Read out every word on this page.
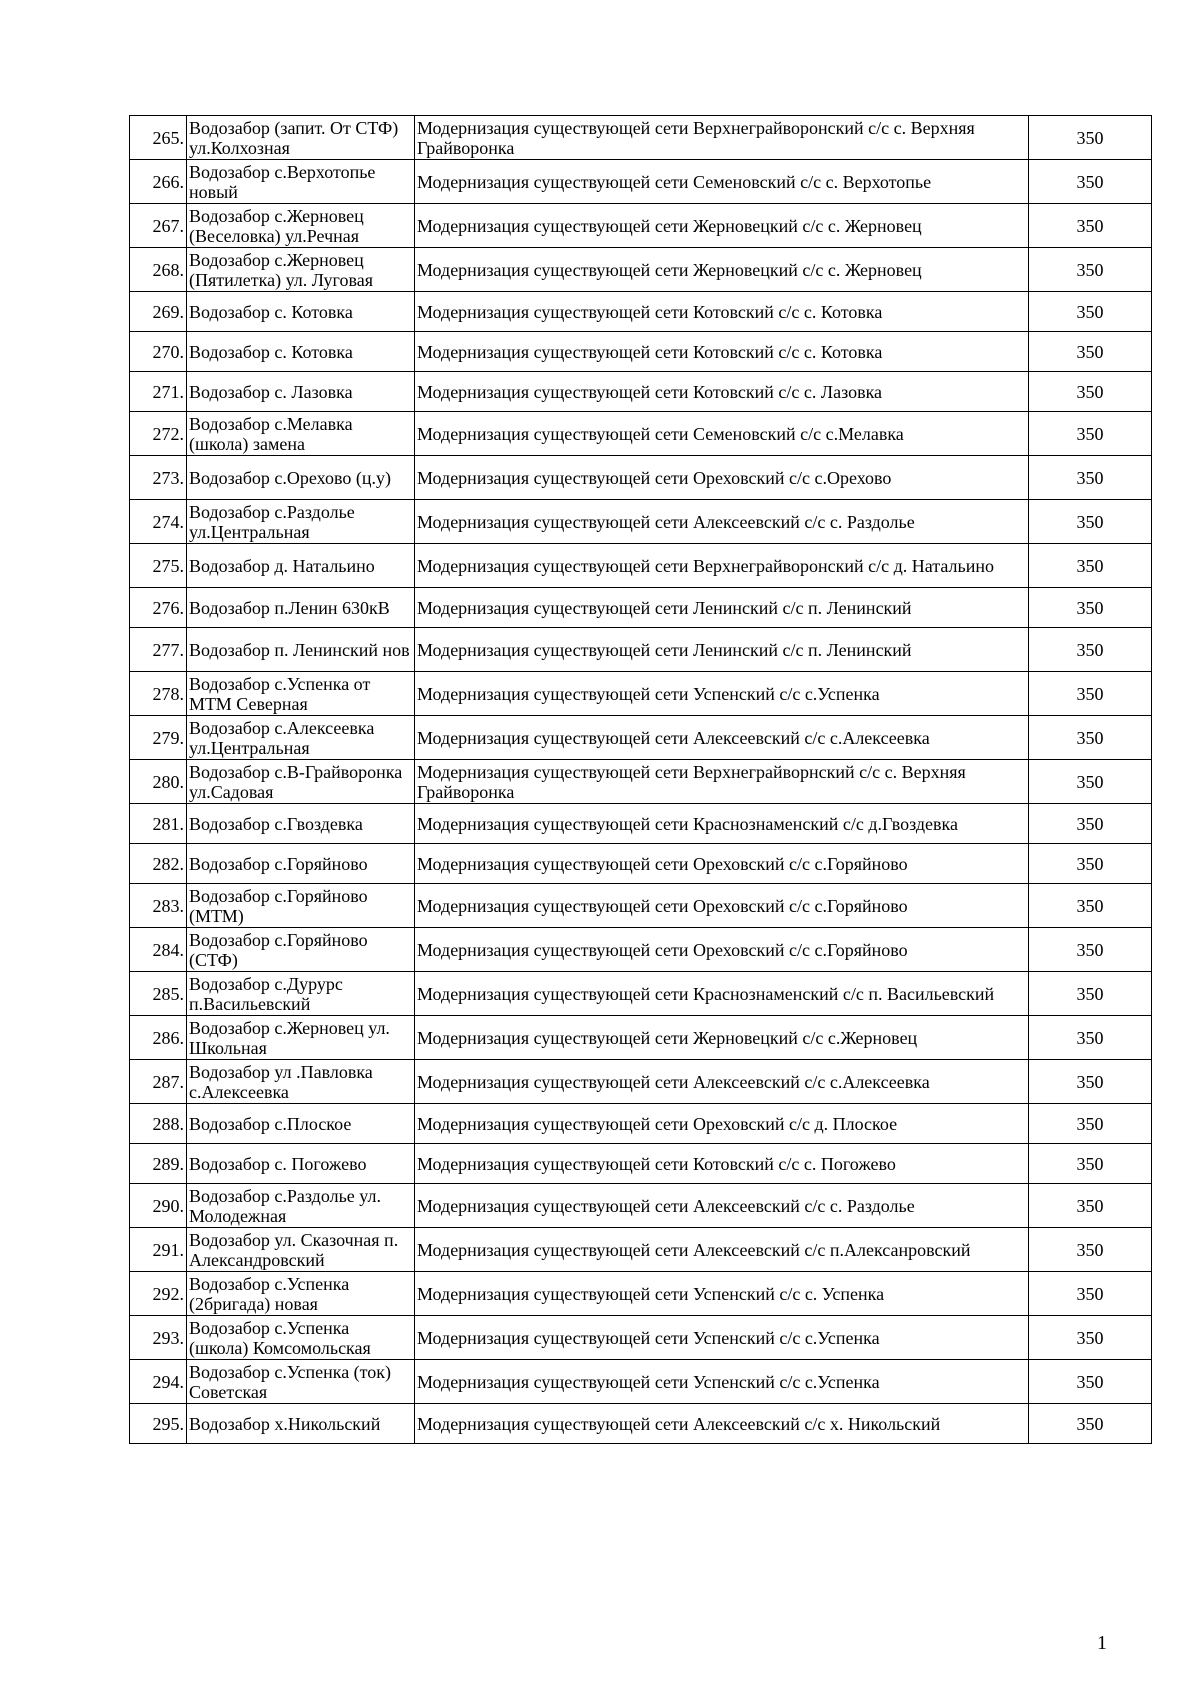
265.	Водозабор (запит. От СТФ) ул.Колхозная	Модернизация существующей сети Верхнеграйворонский с/с с. Верхняя Грайворонка	350
266.	Водозабор с.Верхотопье новый	Модернизация существующей сети Семеновский с/с с. Верхотопье	350
267.	Водозабор с.Жерновец (Веселовка) ул.Речная	Модернизация существующей сети Жерновецкий с/с с. Жерновец	350
268.	Водозабор с.Жерновец (Пятилетка) ул. Луговая	Модернизация существующей сети Жерновецкий с/с с. Жерновец	350
269.	Водозабор с. Котовка	Модернизация существующей сети Котовский с/с с. Котовка	350
270.	Водозабор с. Котовка	Модернизация существующей сети Котовский с/с с. Котовка	350
271.	Водозабор с. Лазовка	Модернизация существующей сети Котовский с/с с. Лазовка	350
272.	Водозабор с.Мелавка (школа) замена	Модернизация существующей сети Семеновский с/с с.Мелавка	350
273.	Водозабор с.Орехово (ц.у)	Модернизация существующей сети Ореховский с/с с.Орехово	350
274.	Водозабор с.Раздолье ул.Центральная	Модернизация существующей сети Алексеевский с/с с. Раздолье	350
275.	Водозабор д. Натальино	Модернизация существующей сети Верхнеграйворонский с/с д. Натальино	350
276.	Водозабор п.Ленин 630кВ	Модернизация существующей сети Ленинский с/с п. Ленинский	350
277.	Водозабор п. Ленинский нов	Модернизация существующей сети Ленинский с/с п. Ленинский	350
278.	Водозабор с.Успенка от МТМ Северная	Модернизация существующей сети Успенский с/с с.Успенка	350
279.	Водозабор с.Алексеевка ул.Центральная	Модернизация существующей сети Алексеевский с/с с.Алексеевка	350
280.	Водозабор с.В-Грайворонка ул.Садовая	Модернизация существующей сети Верхнеграйворнский с/с с. Верхняя Грайворонка	350
281.	Водозабор с.Гвоздевка	Модернизация существующей сети Краснознаменский с/с д.Гвоздевка	350
282.	Водозабор с.Горяйново	Модернизация существующей сети Ореховский с/с с.Горяйново	350
283.	Водозабор с.Горяйново (МТМ)	Модернизация существующей сети Ореховский с/с с.Горяйново	350
284.	Водозабор с.Горяйново (СТФ)	Модернизация существующей сети Ореховский с/с с.Горяйново	350
285.	Водозабор с.Дурурс п.Васильевский	Модернизация существующей сети Краснознаменский с/с п. Васильевский	350
286.	Водозабор с.Жерновец ул. Школьная	Модернизация существующей сети Жерновецкий с/с с.Жерновец	350
287.	Водозабор ул .Павловка с.Алексеевка	Модернизация существующей сети Алексеевский с/с с.Алексеевка	350
288.	Водозабор с.Плоское	Модернизация существующей сети Ореховский с/с д. Плоское	350
289.	Водозабор с. Погожево	Модернизация существующей сети Котовский с/с с. Погожево	350
290.	Водозабор с.Раздолье ул. Молодежная	Модернизация существующей сети Алексеевский с/с с. Раздолье	350
291.	Водозабор ул. Сказочная п. Александровский	Модернизация существующей сети Алексеевский с/с п.Алексанровский	350
292.	Водозабор с.Успенка (2бригада) новая	Модернизация существующей сети Успенский с/с с. Успенка	350
293.	Водозабор с.Успенка (школа) Комсомольская	Модернизация существующей сети Успенский с/с с.Успенка	350
294.	Водозабор с.Успенка (ток) Советская	Модернизация существующей сети Успенский с/с с.Успенка	350
295.	Водозабор х.Никольский	Модернизация существующей сети Алексеевский с/с х. Никольский	350
1
